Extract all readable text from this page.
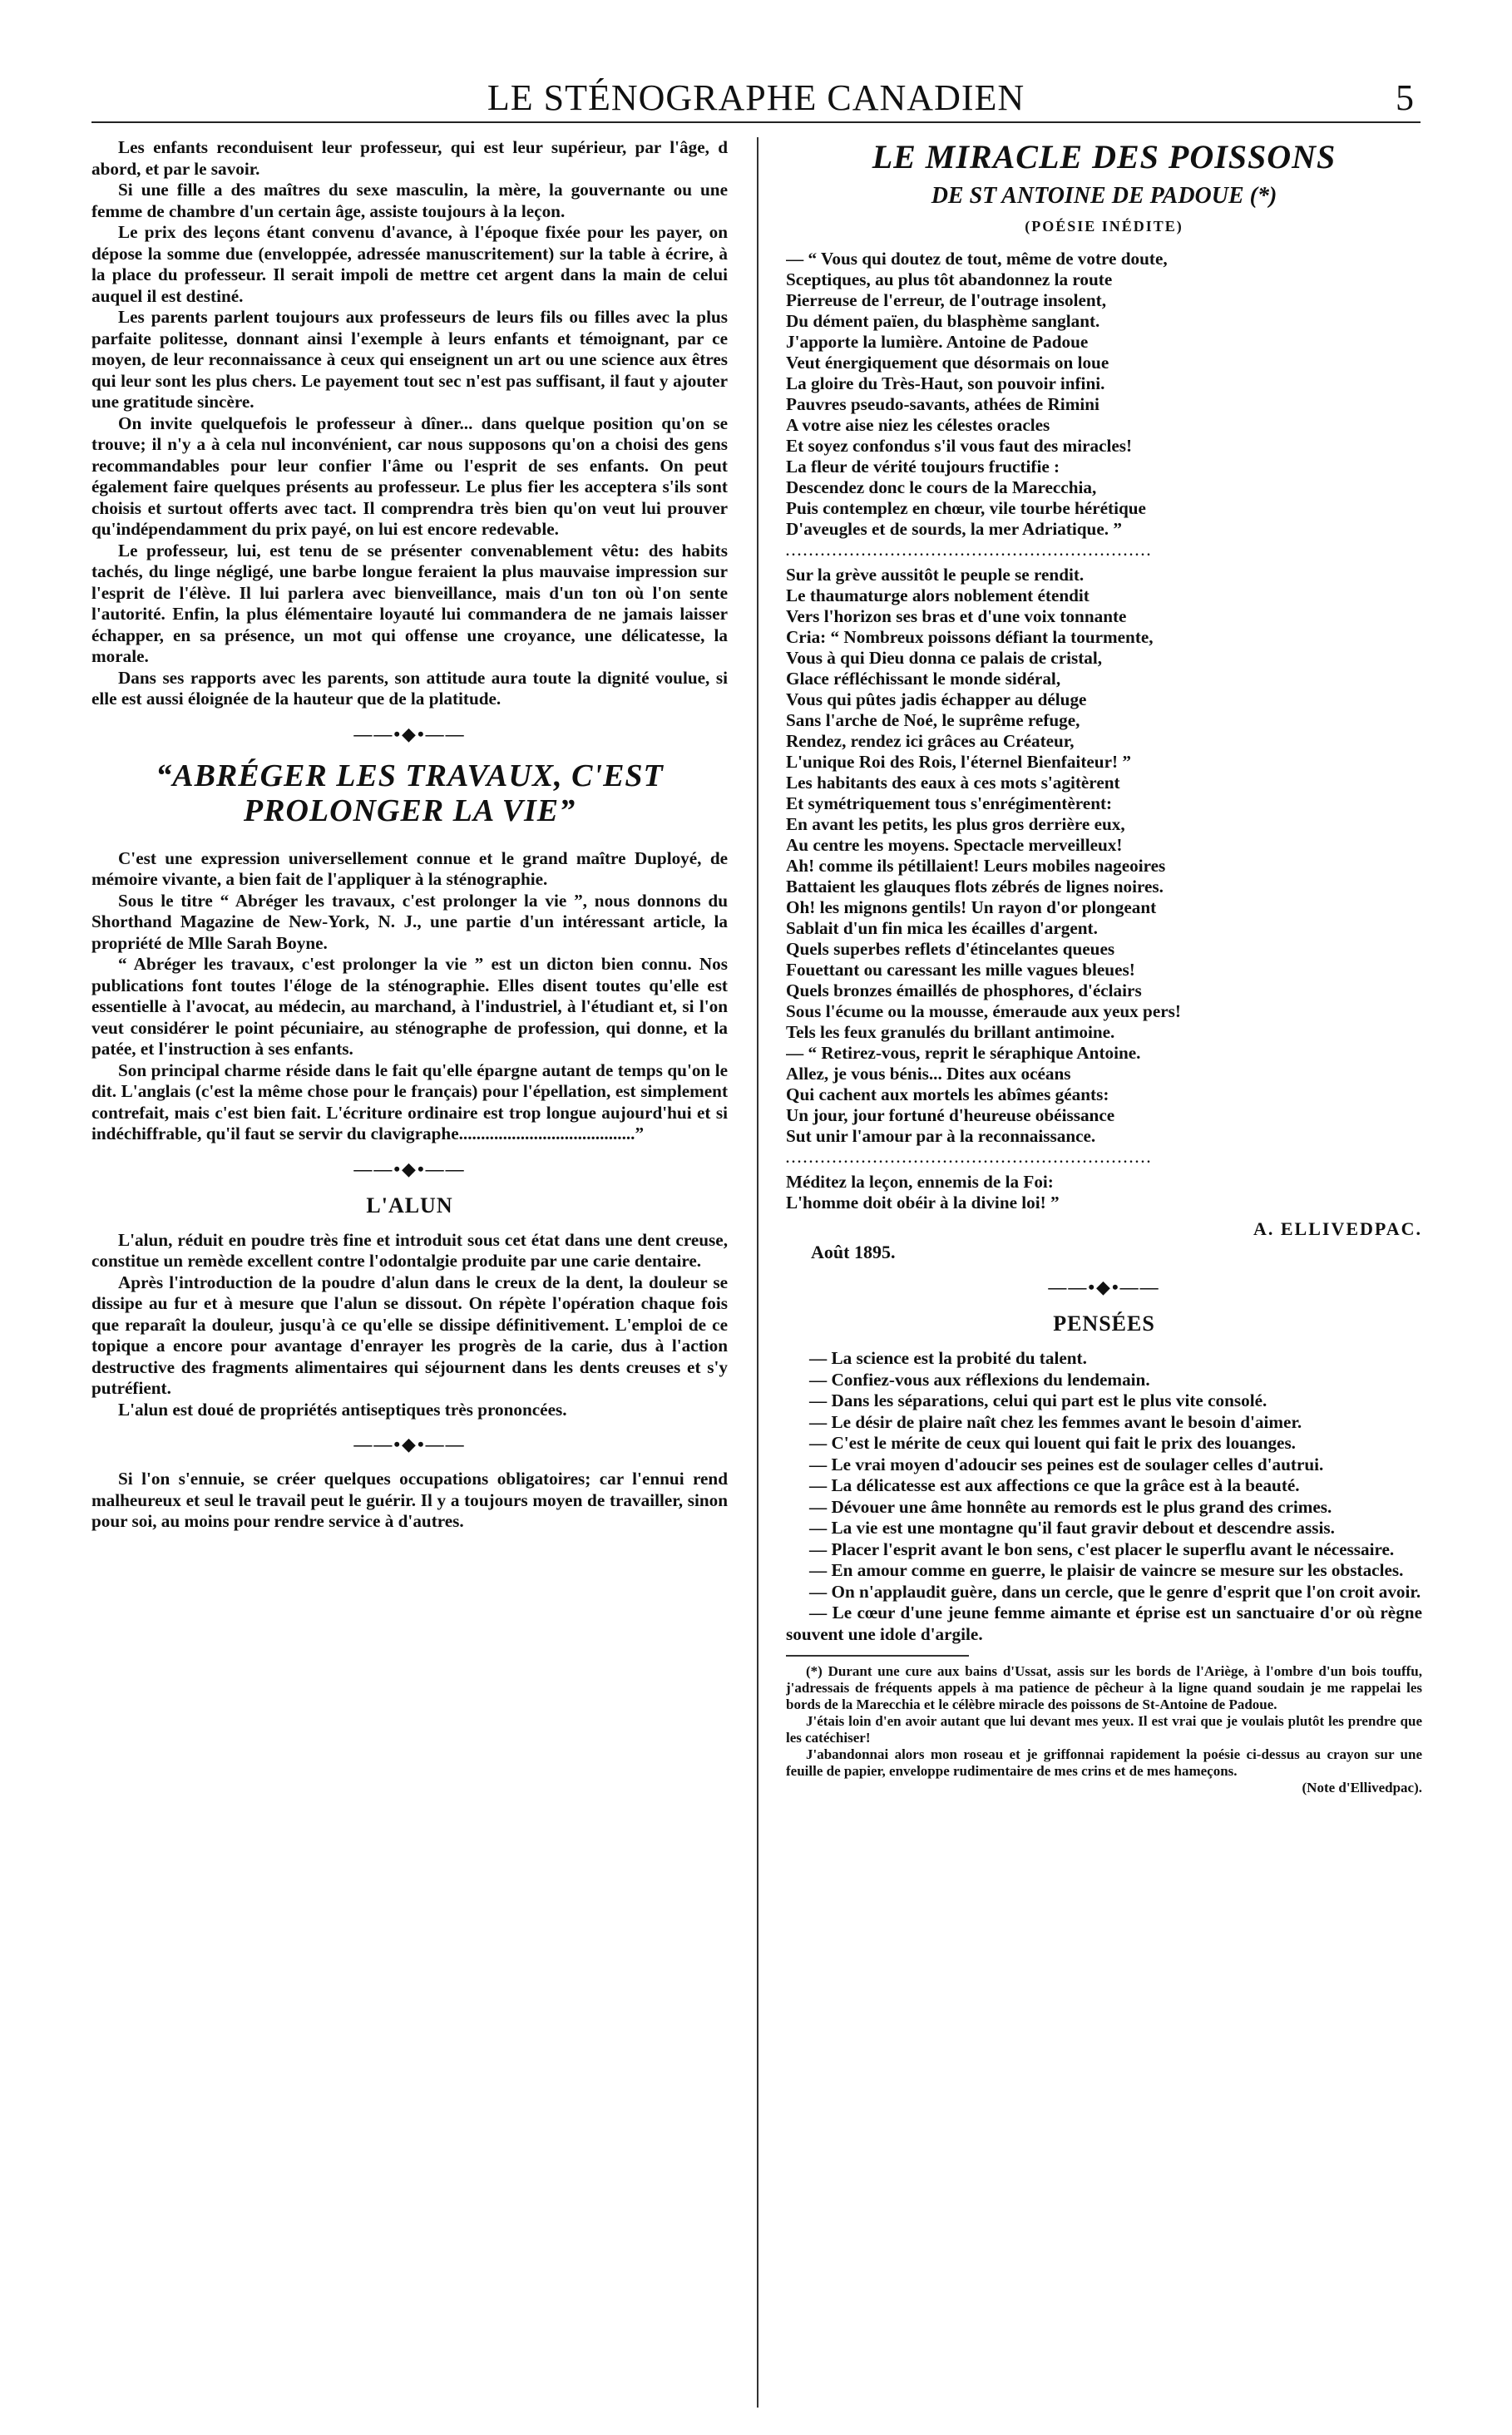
LE STÉNOGRAPHE CANADIEN	5

Les enfants reconduisent leur professeur, qui est leur supérieur, par l'âge, d abord, et par le savoir.

Si une fille a des maîtres du sexe masculin, la mère, la gouvernante ou une femme de chambre d'un certain âge, assiste toujours à la leçon.

Le prix des leçons étant convenu d'avance, à l'époque fixée pour les payer, on dépose la somme due (enveloppée, adressée manuscritement) sur la table à écrire, à la place du professeur. Il serait impoli de mettre cet argent dans la main de celui auquel il est destiné.

Les parents parlent toujours aux professeurs de leurs fils ou filles avec la plus parfaite politesse, donnant ainsi l'exemple à leurs enfants et témoignant, par ce moyen, de leur reconnaissance à ceux qui enseignent un art ou une science aux êtres qui leur sont les plus chers. Le payement tout sec n'est pas suffisant, il faut y ajouter une gratitude sincère.

On invite quelquefois le professeur à dîner... dans quelque position qu'on se trouve; il n'y a à cela nul inconvénient, car nous supposons qu'on a choisi des gens recommandables pour leur confier l'âme ou l'esprit de ses enfants. On peut également faire quelques présents au professeur. Le plus fier les acceptera s'ils sont choisis et surtout offerts avec tact. Il comprendra très bien qu'on veut lui prouver qu'indépendamment du prix payé, on lui est encore redevable.

Le professeur, lui, est tenu de se présenter convenablement vêtu: des habits tachés, du linge négligé, une barbe longue feraient la plus mauvaise impression sur l'esprit de l'élève. Il lui parlera avec bienveillance, mais d'un ton où l'on sente l'autorité. Enfin, la plus élémentaire loyauté lui commandera de ne jamais laisser échapper, en sa présence, un mot qui offense une croyance, une délicatesse, la morale.

Dans ses rapports avec les parents, son attitude aura toute la dignité voulue, si elle est aussi éloignée de la hauteur que de la platitude.

——•◆•——
“ABRÉGER LES TRAVAUX, C'EST PROLONGER LA VIE”

C'est une expression universellement connue et le grand maître Duployé, de mémoire vivante, a bien fait de l'appliquer à la sténographie.

Sous le titre “ Abréger les travaux, c'est prolonger la vie ”, nous donnons du Shorthand Magazine de New-York, N. J., une partie d'un intéressant article, la propriété de Mlle Sarah Boyne.

“ Abréger les travaux, c'est prolonger la vie ” est un dicton bien connu. Nos publications font toutes l'éloge de la sténographie. Elles disent toutes qu'elle est essentielle à l'avocat, au médecin, au marchand, à l'industriel, à l'étudiant et, si l'on veut considérer le point pécuniaire, au sténographe de profession, qui donne, et la patée, et l'instruction à ses enfants.

Son principal charme réside dans le fait qu'elle épargne autant de temps qu'on le dit. L'anglais (c'est la même chose pour le français) pour l'épellation, est simplement contrefait, mais c'est bien fait. L'écriture ordinaire est trop longue aujourd'hui et si indéchiffrable, qu'il faut se servir du clavigraphe........................................”

——•◆•——
L'ALUN

L'alun, réduit en poudre très fine et introduit sous cet état dans une dent creuse, constitue un remède excellent contre l'odontalgie produite par une carie dentaire.

Après l'introduction de la poudre d'alun dans le creux de la dent, la douleur se dissipe au fur et à mesure que l'alun se dissout. On répète l'opération chaque fois que reparaît la douleur, jusqu'à ce qu'elle se dissipe définitivement. L'emploi de ce topique a encore pour avantage d'enrayer les progrès de la carie, dus à l'action destructive des fragments alimentaires qui séjournent dans les dents creuses et s'y putréfient.

L'alun est doué de propriétés antiseptiques très prononcées.

——•◆•——

Si l'on s'ennuie, se créer quelques occupations obligatoires; car l'ennui rend malheureux et seul le travail peut le guérir. Il y a toujours moyen de travailler, sinon pour soi, au moins pour rendre service à d'autres.

LE MIRACLE DES POISSONS
DE ST ANTOINE DE PADOUE (*)
(POÉSIE INÉDITE)
— “ Vous qui doutez de tout, même de votre doute,
Sceptiques, au plus tôt abandonnez la route
Pierreuse de l'erreur, de l'outrage insolent,
Du dément païen, du blasphème sanglant.
J'apporte la lumière. Antoine de Padoue
Veut énergiquement que désormais on loue
La gloire du Très-Haut, son pouvoir infini.
Pauvres pseudo-savants, athées de Rimini
A votre aise niez les célestes oracles
Et soyez confondus s'il vous faut des miracles!
La fleur de vérité toujours fructifie :
Descendez donc le cours de la Marecchia,
Puis contemplez en chœur, vile tourbe hérétique
D'aveugles et de sourds, la mer Adriatique. ”
...............................................................
Sur la grève aussitôt le peuple se rendit.
Le thaumaturge alors noblement étendit
Vers l'horizon ses bras et d'une voix tonnante
Cria: “ Nombreux poissons défiant la tourmente,
Vous à qui Dieu donna ce palais de cristal,
Glace réfléchissant le monde sidéral,
Vous qui pûtes jadis échapper au déluge
Sans l'arche de Noé, le suprême refuge,
Rendez, rendez ici grâces au Créateur,
L'unique Roi des Rois, l'éternel Bienfaiteur! ”
Les habitants des eaux à ces mots s'agitèrent
Et symétriquement tous s'enrégimentèrent:
En avant les petits, les plus gros derrière eux,
Au centre les moyens. Spectacle merveilleux!
Ah! comme ils pétillaient! Leurs mobiles nageoires
Battaient les glauques flots zébrés de lignes noires.
Oh! les mignons gentils! Un rayon d'or plongeant
Sablait d'un fin mica les écailles d'argent.
Quels superbes reflets d'étincelantes queues
Fouettant ou caressant les mille vagues bleues!
Quels bronzes émaillés de phosphores, d'éclairs
Sous l'écume ou la mousse, émeraude aux yeux pers!
Tels les feux granulés du brillant antimoine.
— “ Retirez-vous, reprit le séraphique Antoine.
Allez, je vous bénis... Dites aux océans
Qui cachent aux mortels les abîmes géants:
Un jour, jour fortuné d'heureuse obéissance
Sut unir l'amour par à la reconnaissance.
...............................................................
Méditez la leçon, ennemis de la Foi:
L'homme doit obéir à la divine loi! ”
A. ELLIVEDPAC.
Août 1895.
——•◆•——
PENSÉES

— La science est la probité du talent.

— Confiez-vous aux réflexions du lendemain.

— Dans les séparations, celui qui part est le plus vite consolé.

— Le désir de plaire naît chez les femmes avant le besoin d'aimer.

— C'est le mérite de ceux qui louent qui fait le prix des louanges.

— Le vrai moyen d'adoucir ses peines est de soulager celles d'autrui.

— La délicatesse est aux affections ce que la grâce est à la beauté.

— Dévouer une âme honnête au remords est le plus grand des crimes.

— La vie est une montagne qu'il faut gravir debout et descendre assis.

— Placer l'esprit avant le bon sens, c'est placer le superflu avant le nécessaire.

— En amour comme en guerre, le plaisir de vaincre se mesure sur les obstacles.

— On n'applaudit guère, dans un cercle, que le genre d'esprit que l'on croit avoir.

— Le cœur d'une jeune femme aimante et éprise est un sanctuaire d'or où règne souvent une idole d'argile.

(*) Durant une cure aux bains d'Ussat, assis sur les bords de l'Ariège, à l'ombre d'un bois touffu, j'adressais de fréquents appels à ma patience de pêcheur à la ligne quand soudain je me rappelai les bords de la Marecchia et le célèbre miracle des poissons de St-Antoine de Padoue.

J'étais loin d'en avoir autant que lui devant mes yeux. Il est vrai que je voulais plutôt les prendre que les catéchiser!

J'abandonnai alors mon roseau et je griffonnai rapidement la poésie ci-dessus au crayon sur une feuille de papier, enveloppe rudimentaire de mes crins et de mes hameçons.

(Note d'Ellivedpac).
